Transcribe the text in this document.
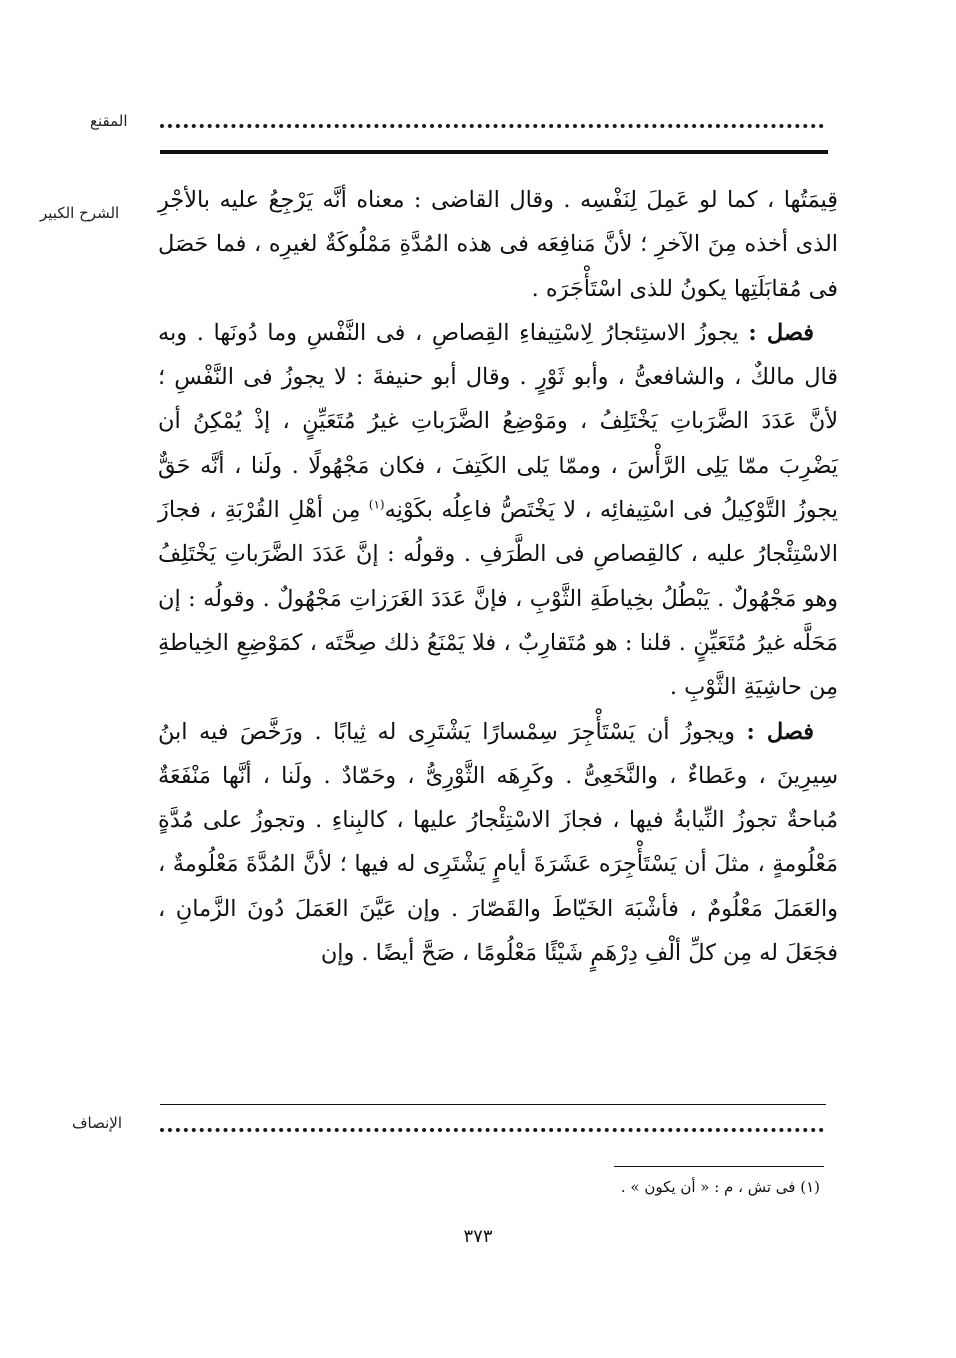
المقنع
الشرح الكبير قِيمَتُها ، كما لو عَمِلَ لِنَفْسِه . وقال القاضى : معناه أنَّه يَرْجِعُ عليه بالأجْرِ الذى أخذه مِنَ الآخرِ ؛ لأنَّ مَنافِعَه فى هذه المُدَّةِ مَمْلُوكَةٌ لغيرِه ، فما حَصَل فى مُقابَلَتِها يكونُ للذى اسْتَأْجَرَه .

فصل : يجوزُ الاستِئجارُ لِاسْتِيفاءِ القِصاصِ ، فى النَّفْسِ وما دُونَها . وبه قال مالكٌ ، والشافعىُّ ، وأبو ثَوْرٍ . وقال أبو حنيفةَ : لا يجوزُ فى النَّفْسِ ؛ لأنَّ عَدَدَ الضَّرَباتِ يَخْتَلِفُ ، ومَوْضِعُ الضَّرَباتِ غيرُ مُتَعَيِّنٍ ، إذْ يُمْكِنُ أن يَضْرِبَ ممّا يَلِى الرَّأْسَ ، وممّا يَلى الكَتِفَ ، فكان مَجْهُولًا . ولَنا ، أنَّه حَقٌّ يجوزُ التَّوْكِيلُ فى اسْتِيفائِه ، لا يَخْتَصُّ فاعِلُه بكَوْنِه$^{(١)}$ مِن أهْلِ القُرْبَةِ ، فجازَ الاسْتِئْجارُ عليه ، كالقِصاصِ فى الطَّرَفِ . وقولُه : إنَّ عَدَدَ الضَّرَباتِ يَخْتَلِفُ وهو مَجْهُولٌ . يَبْطُلُ بخِياطَةِ الثَّوْبِ ، فإنَّ عَدَدَ الغَرَزاتِ مَجْهُولٌ . وقولُه : إن مَحَلَّه غيرُ مُتَعَيِّنٍ . قلنا : هو مُتَقارِبٌ ، فلا يَمْنَعُ ذلك صِحَّتَه ، كمَوْضِعِ الخِياطةِ مِن حاشِيَةِ الثَّوْبِ .

فصل : ويجوزُ أن يَسْتَأْجِرَ سِمْسارًا يَشْتَرِى له ثِيابًا . ورَخَّصَ فيه ابنُ سِيرِينَ ، وعَطاءٌ ، والنَّخَعِىُّ . وكَرِهَه الثَّوْرِىُّ ، وحَمّادٌ . ولَنا ، أنَّها مَنْفَعَةٌ مُباحةٌ تجوزُ النِّيابةُ فيها ، فجازَ الاسْتِئْجارُ عليها ، كالبِناءِ . وتجوزُ على مُدَّةٍ مَعْلُومةٍ ، مثلَ أن يَسْتَأْجِرَه عَشَرَةَ أيامٍ يَشْتَرِى له فيها ؛ لأنَّ المُدَّةَ مَعْلُومةٌ ، والعَمَلَ مَعْلُومٌ ، فأشْبَهَ الخَيّاطَ والقَصّارَ . وإن عَيَّنَ العَمَلَ دُونَ الزَّمانِ ، فجَعَلَ له مِن كلِّ ألْفِ دِرْهَمٍ شَيْئًا مَعْلُومًا ، صَحَّ أيضًا . وإن

الإنصاف
(١) فى تش ، م : « أن يكون » .
٣٧٣
